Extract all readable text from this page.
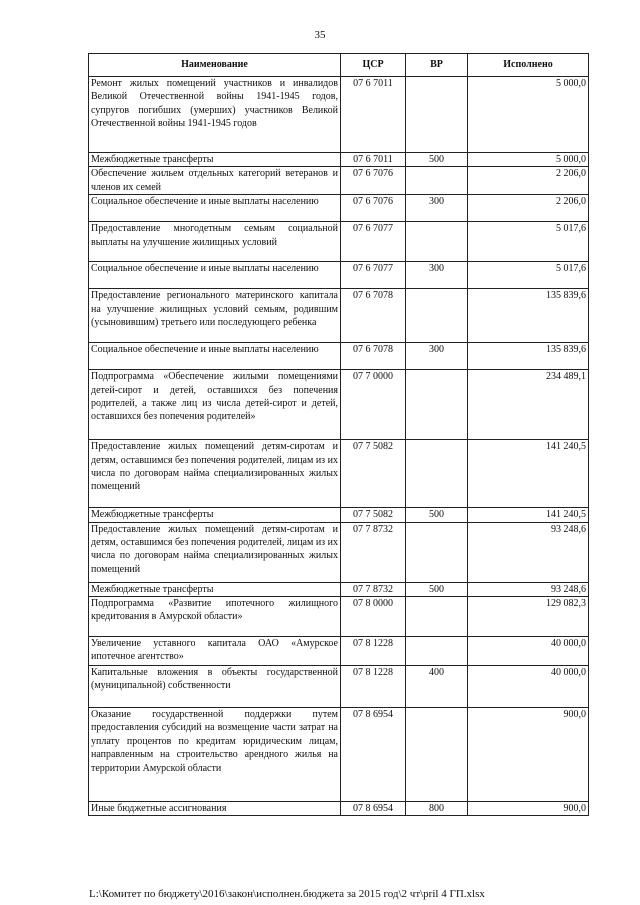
35
Наименование	ЦСР	ВР	Исполнено
Ремонт жилых помещений участников и инвалидов Великой Отечественной войны 1941-1945 годов, супругов погибших (умерших) участников Великой Отечественной войны 1941-1945 годов	07 6 7011		5 000,0
Межбюджетные трансферты	07 6 7011	500	5 000,0
Обеспечение жильем отдельных категорий ветеранов и членов их семей	07 6 7076		2 206,0
Социальное обеспечение и иные выплаты населению	07 6 7076	300	2 206,0
Предоставление многодетным семьям социальной выплаты на улучшение жилищных условий	07 6 7077		5 017,6
Социальное обеспечение и иные выплаты населению	07 6 7077	300	5 017,6
Предоставление регионального материнского капитала на улучшение жилищных условий семьям, родившим (усыновившим) третьего или последующего ребенка	07 6 7078		135 839,6
Социальное обеспечение и иные выплаты населению	07 6 7078	300	135 839,6
Подпрограмма «Обеспечение жилыми помещениями детей-сирот и детей, оставшихся без попечения родителей, а также лиц из числа детей-сирот и детей, оставшихся без попечения родителей»	07 7 0000		234 489,1
Предоставление жилых помещений детям-сиротам и детям, оставшимся без попечения родителей, лицам из их числа по договорам найма специализированных жилых помещений	07 7 5082		141 240,5
Межбюджетные трансферты	07 7 5082	500	141 240,5
Предоставление жилых помещений детям-сиротам и детям, оставшимся без попечения родителей, лицам из их числа по договорам найма специализированных жилых помещений	07 7 8732		93 248,6
Межбюджетные трансферты	07 7 8732	500	93 248,6
Подпрограмма «Развитие ипотечного жилищного кредитования в Амурской области»	07 8 0000		129 082,3
Увеличение уставного капитала ОАО «Амурское ипотечное агентство»	07 8 1228		40 000,0
Капитальные вложения в объекты государственной (муниципальной) собственности	07 8 1228	400	40 000,0
Оказание государственной поддержки путем предоставления субсидий на возмещение части затрат на уплату процентов по кредитам юридическим лицам, направленным на строительство арендного жилья на территории Амурской области	07 8 6954		900,0
Иные бюджетные ассигнования	07 8 6954	800	900,0
L:\Комитет по бюджету\2016\закон\исполнен.бюджета за 2015 год\2 чт\pril 4 ГП.xlsx
